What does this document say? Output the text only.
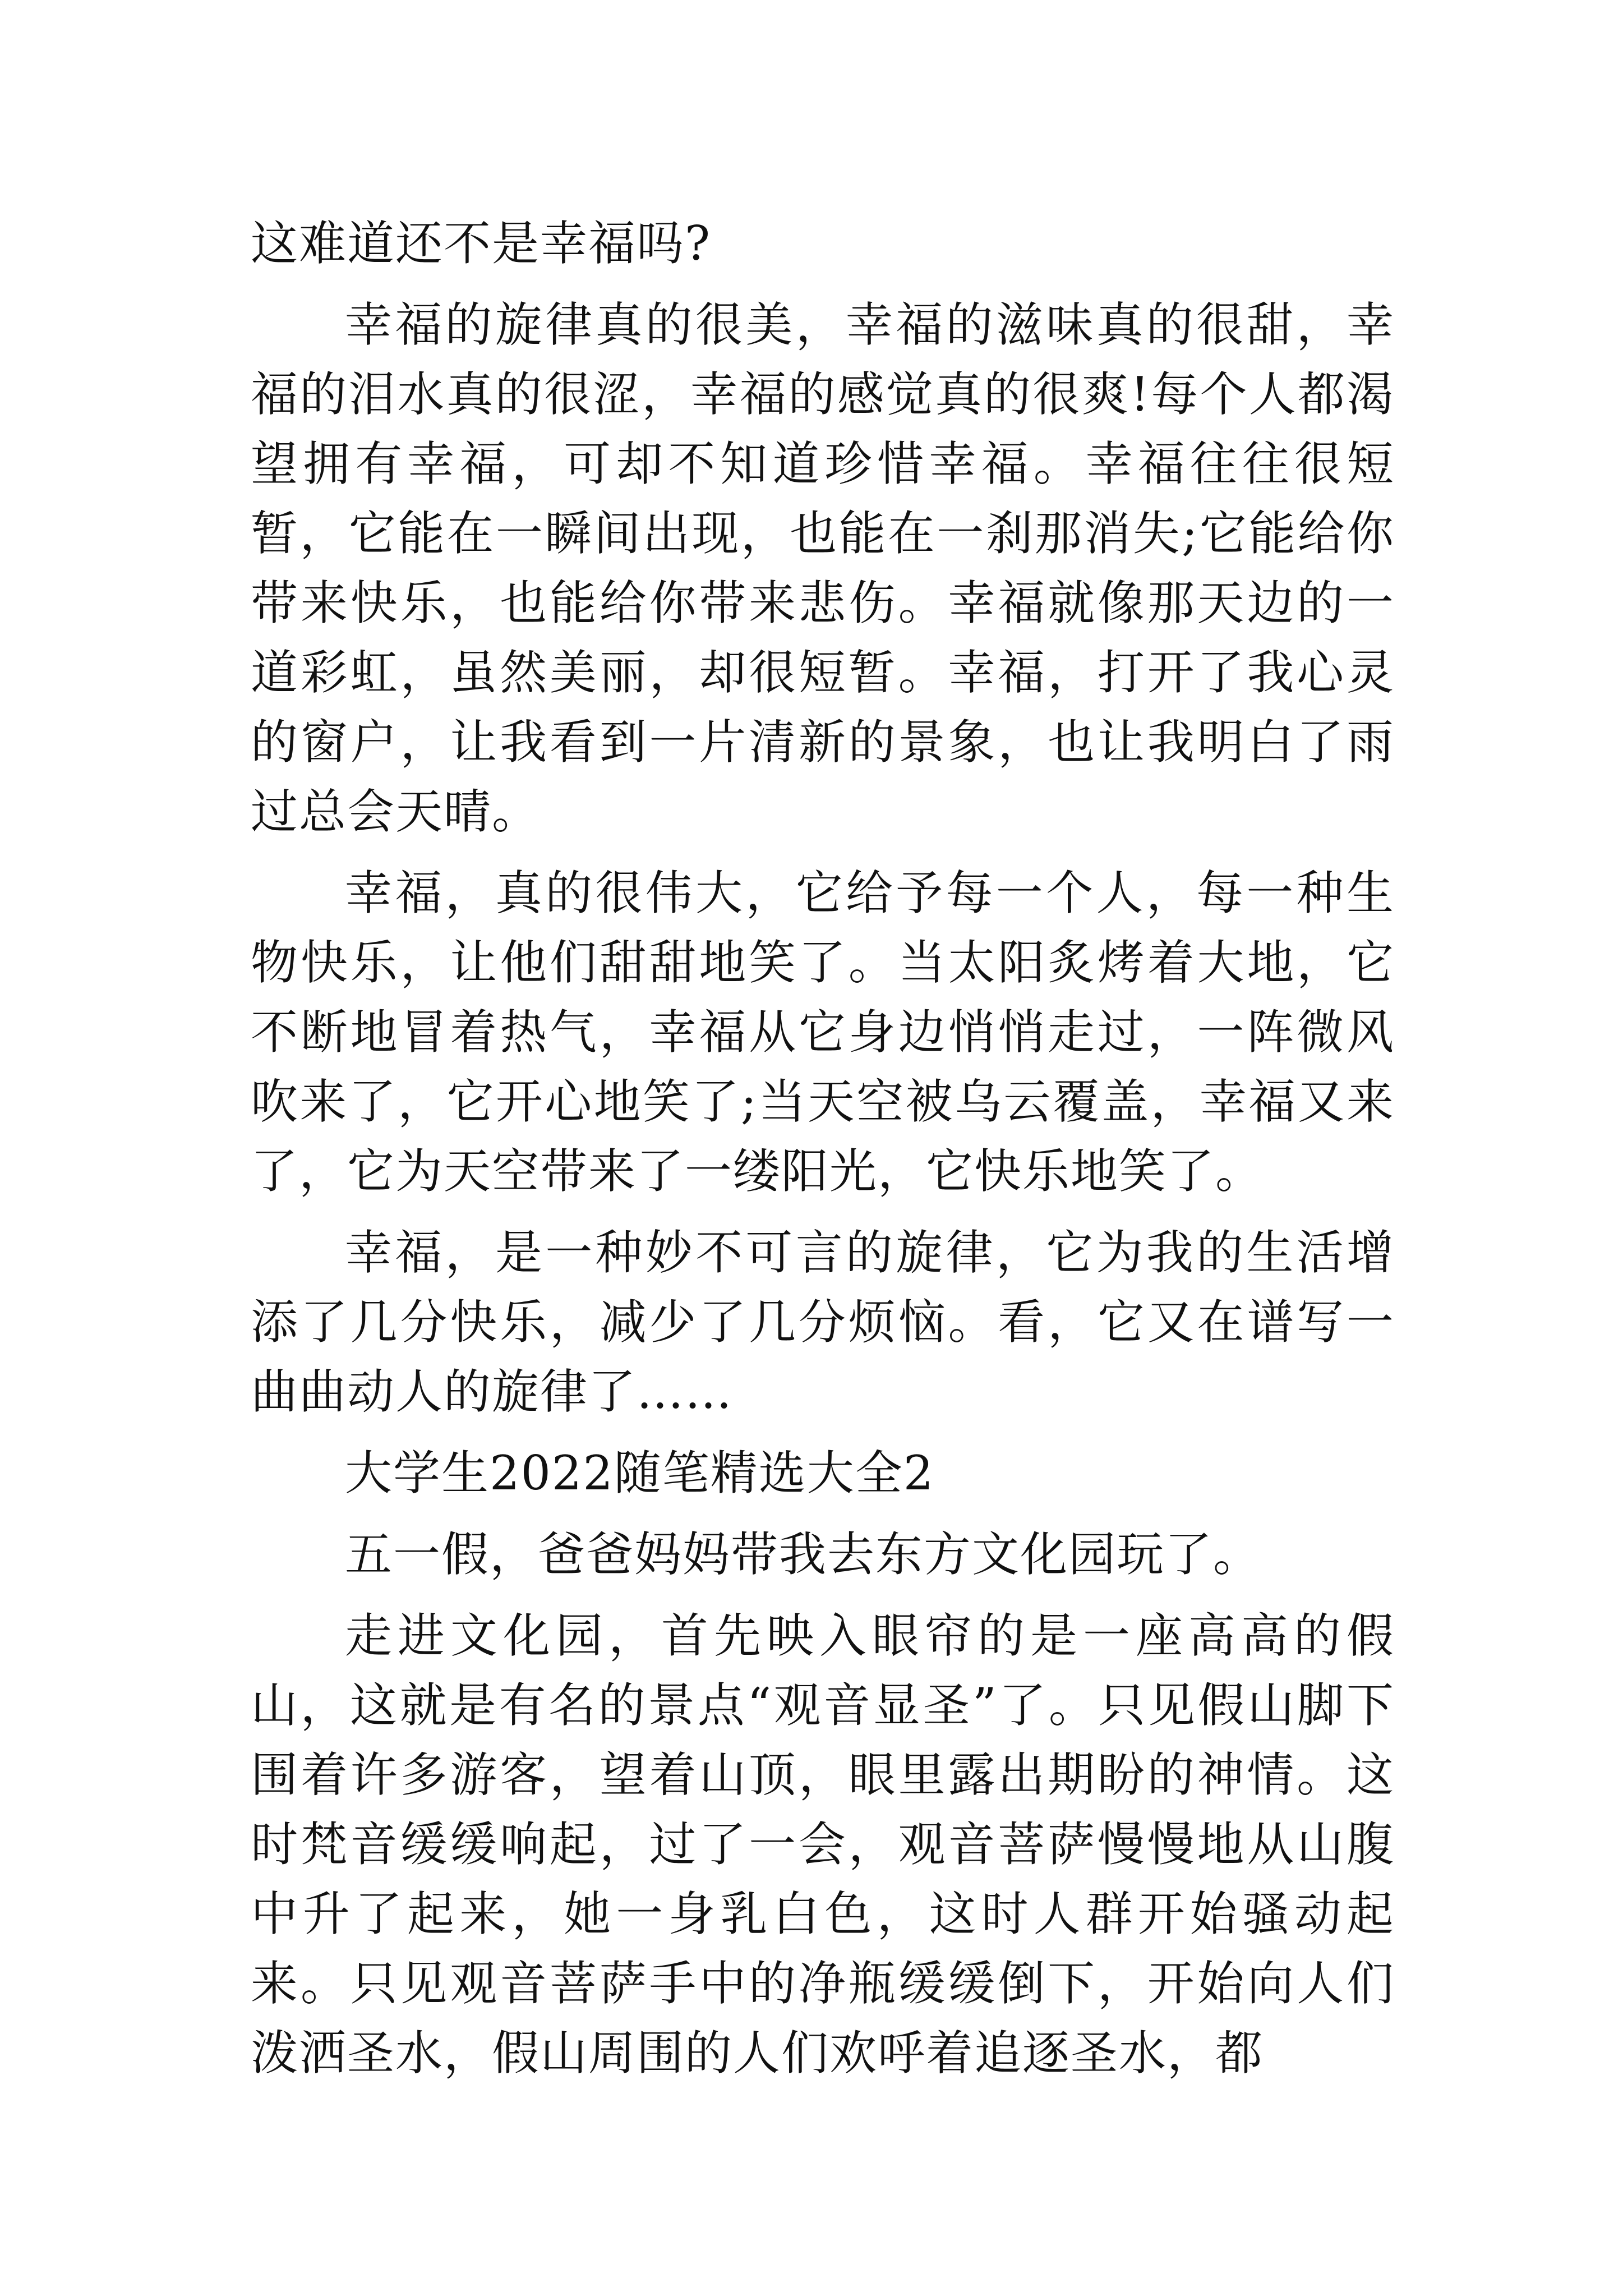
这难道还不是幸福吗?

幸福的旋律真的很美，幸福的滋味真的很甜，幸福的泪水真的很涩，幸福的感觉真的很爽!每个人都渴望拥有幸福，可却不知道珍惜幸福。幸福往往很短暂，它能在一瞬间出现，也能在一刹那消失;它能给你带来快乐，也能给你带来悲伤。幸福就像那天边的一道彩虹，虽然美丽，却很短暂。幸福，打开了我心灵的窗户，让我看到一片清新的景象，也让我明白了雨过总会天晴。

幸福，真的很伟大，它给予每一个人，每一种生物快乐，让他们甜甜地笑了。当太阳炙烤着大地，它不断地冒着热气，幸福从它身边悄悄走过，一阵微风吹来了，它开心地笑了;当天空被乌云覆盖，幸福又来了，它为天空带来了一缕阳光，它快乐地笑了。

幸福，是一种妙不可言的旋律，它为我的生活增添了几分快乐，减少了几分烦恼。看，它又在谱写一曲曲动人的旋律了……

大学生2022随笔精选大全2

五一假，爸爸妈妈带我去东方文化园玩了。

走进文化园，首先映入眼帘的是一座高高的假山，这就是有名的景点“观音显圣”了。只见假山脚下围着许多游客，望着山顶，眼里露出期盼的神情。这时梵音缓缓响起，过了一会，观音菩萨慢慢地从山腹中升了起来，她一身乳白色，这时人群开始骚动起来。只见观音菩萨手中的净瓶缓缓倒下，开始向人们泼洒圣水，假山周围的人们欢呼着追逐圣水，都
